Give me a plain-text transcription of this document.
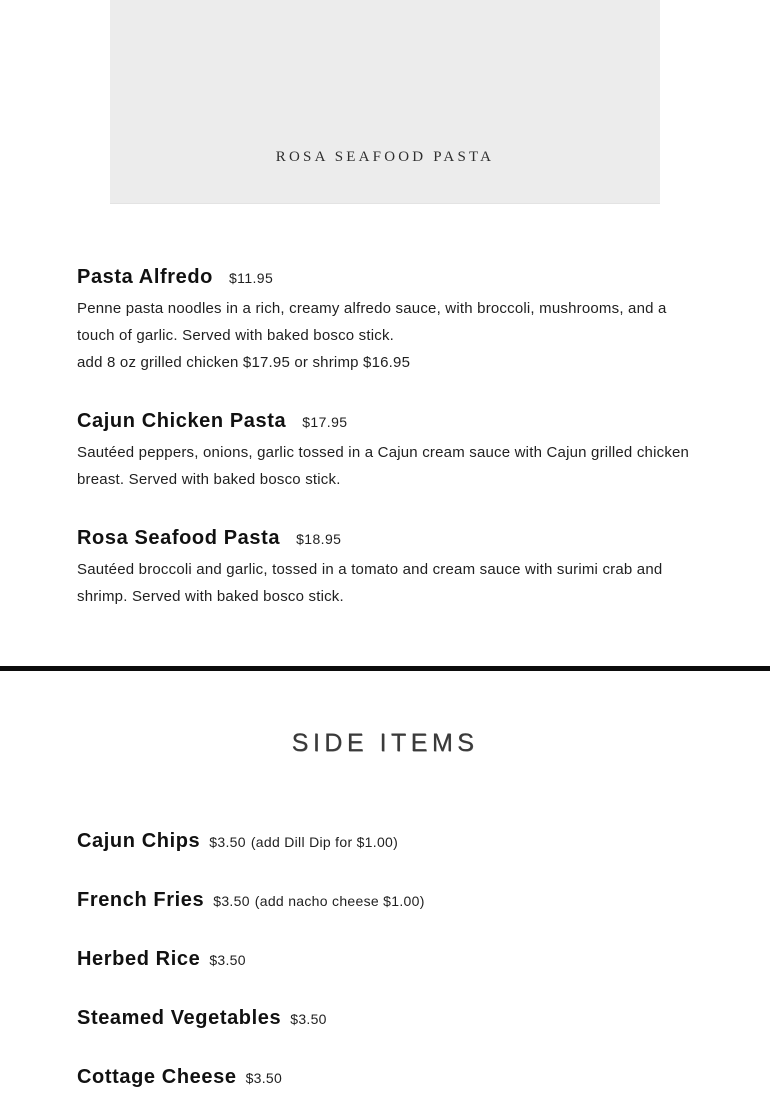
ROSA SEAFOOD PASTA
Pasta Alfredo $11.95
Penne pasta noodles in a rich, creamy alfredo sauce, with broccoli, mushrooms, and a touch of garlic. Served with baked bosco stick.
add 8 oz grilled chicken $17.95 or shrimp $16.95
Cajun Chicken Pasta $17.95
Sautéed peppers, onions, garlic tossed in a Cajun cream sauce with Cajun grilled chicken breast. Served with baked bosco stick.
Rosa Seafood Pasta $18.95
Sautéed broccoli and garlic, tossed in a tomato and cream sauce with surimi crab and shrimp. Served with baked bosco stick.
SIDE ITEMS
Cajun Chips $3.50 (add Dill Dip for $1.00)
French Fries $3.50 (add nacho cheese $1.00)
Herbed Rice $3.50
Steamed Vegetables $3.50
Cottage Cheese $3.50
